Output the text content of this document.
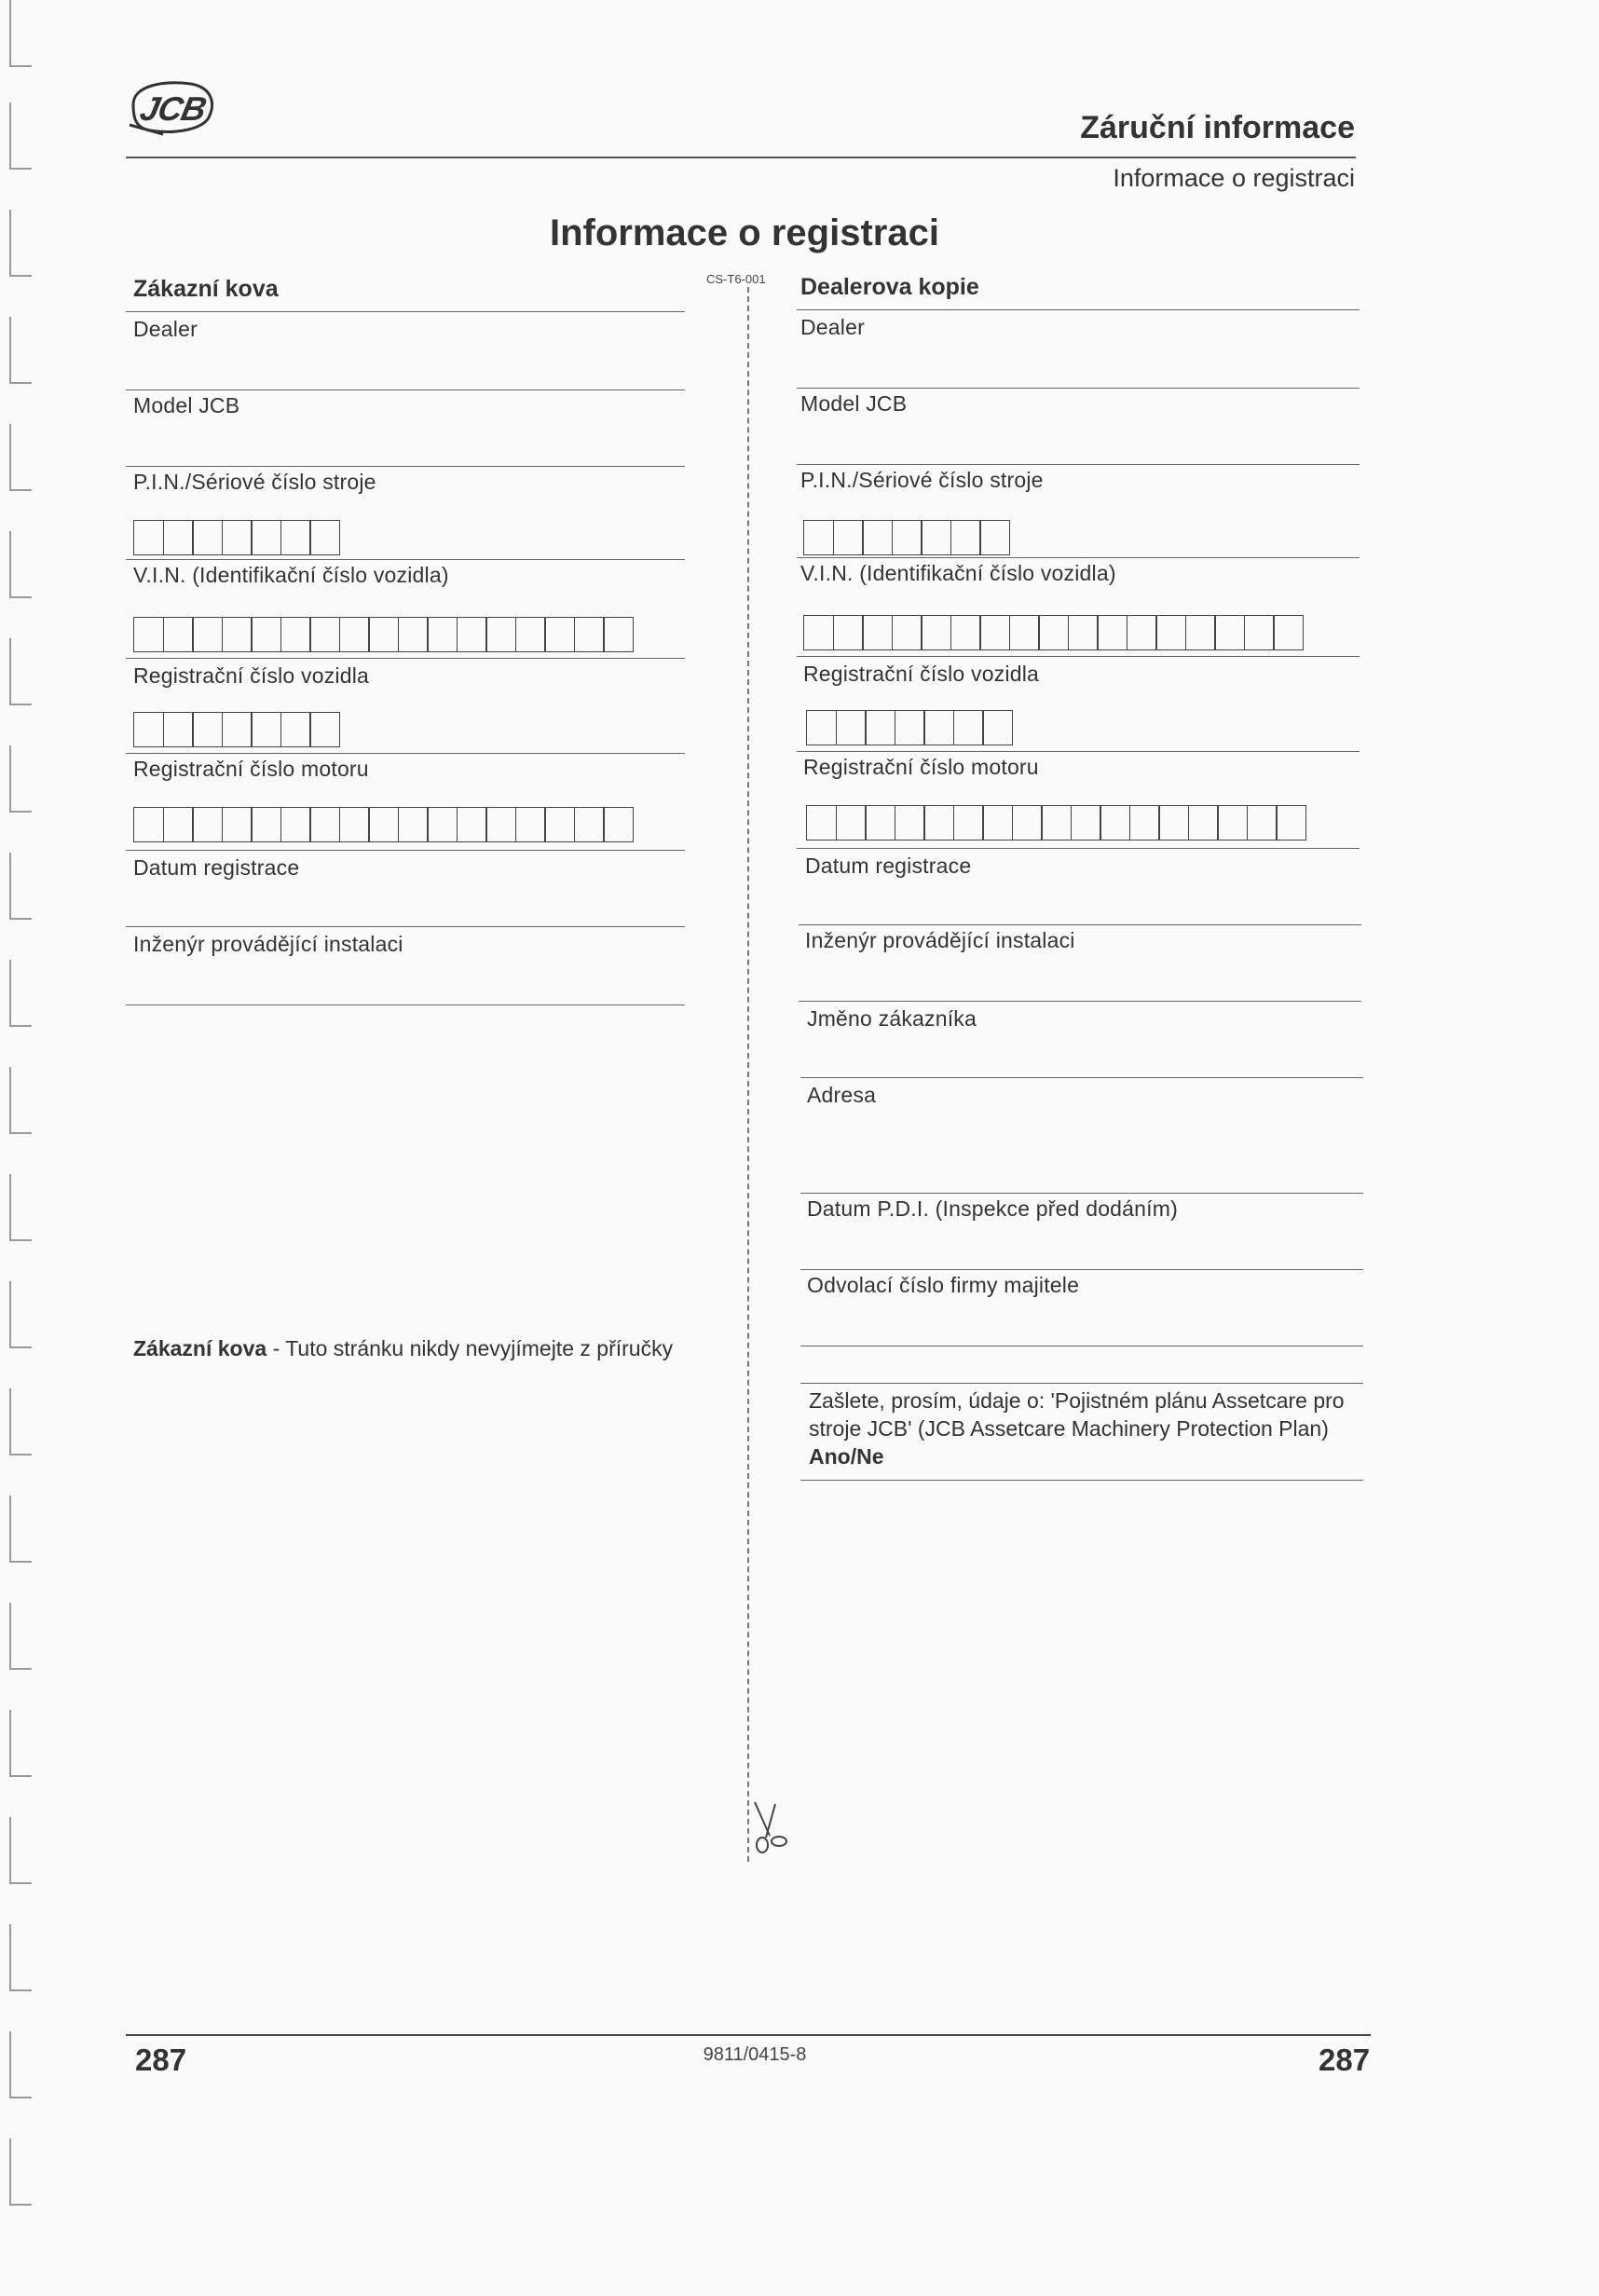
JCB	Záruční informace
Informace o registraci
Informace o registraci
CS-T6-001
Zákazní kova
Dealer
Model JCB
P.I.N./Sériové číslo stroje
V.I.N. (Identifikační číslo vozidla)
Registrační číslo vozidla
Registrační číslo motoru
Datum registrace
Inženýr provádějící instalaci
Zákazní kova - Tuto stránku nikdy nevyjímejte z příručky
Dealerova kopie
Dealer
Model JCB
P.I.N./Sériové číslo stroje
V.I.N. (Identifikační číslo vozidla)
Registrační číslo vozidla
Registrační číslo motoru
Datum registrace
Inženýr provádějící instalaci
Jměno zákazníka
Adresa
Datum P.D.I. (Inspekce před dodáním)
Odvolací číslo firmy majitele
Zašlete, prosím, údaje o: 'Pojistném plánu Assetcare pro stroje JCB' (JCB Assetcare Machinery Protection Plan) Ano/Ne
287	9811/0415-8	287
